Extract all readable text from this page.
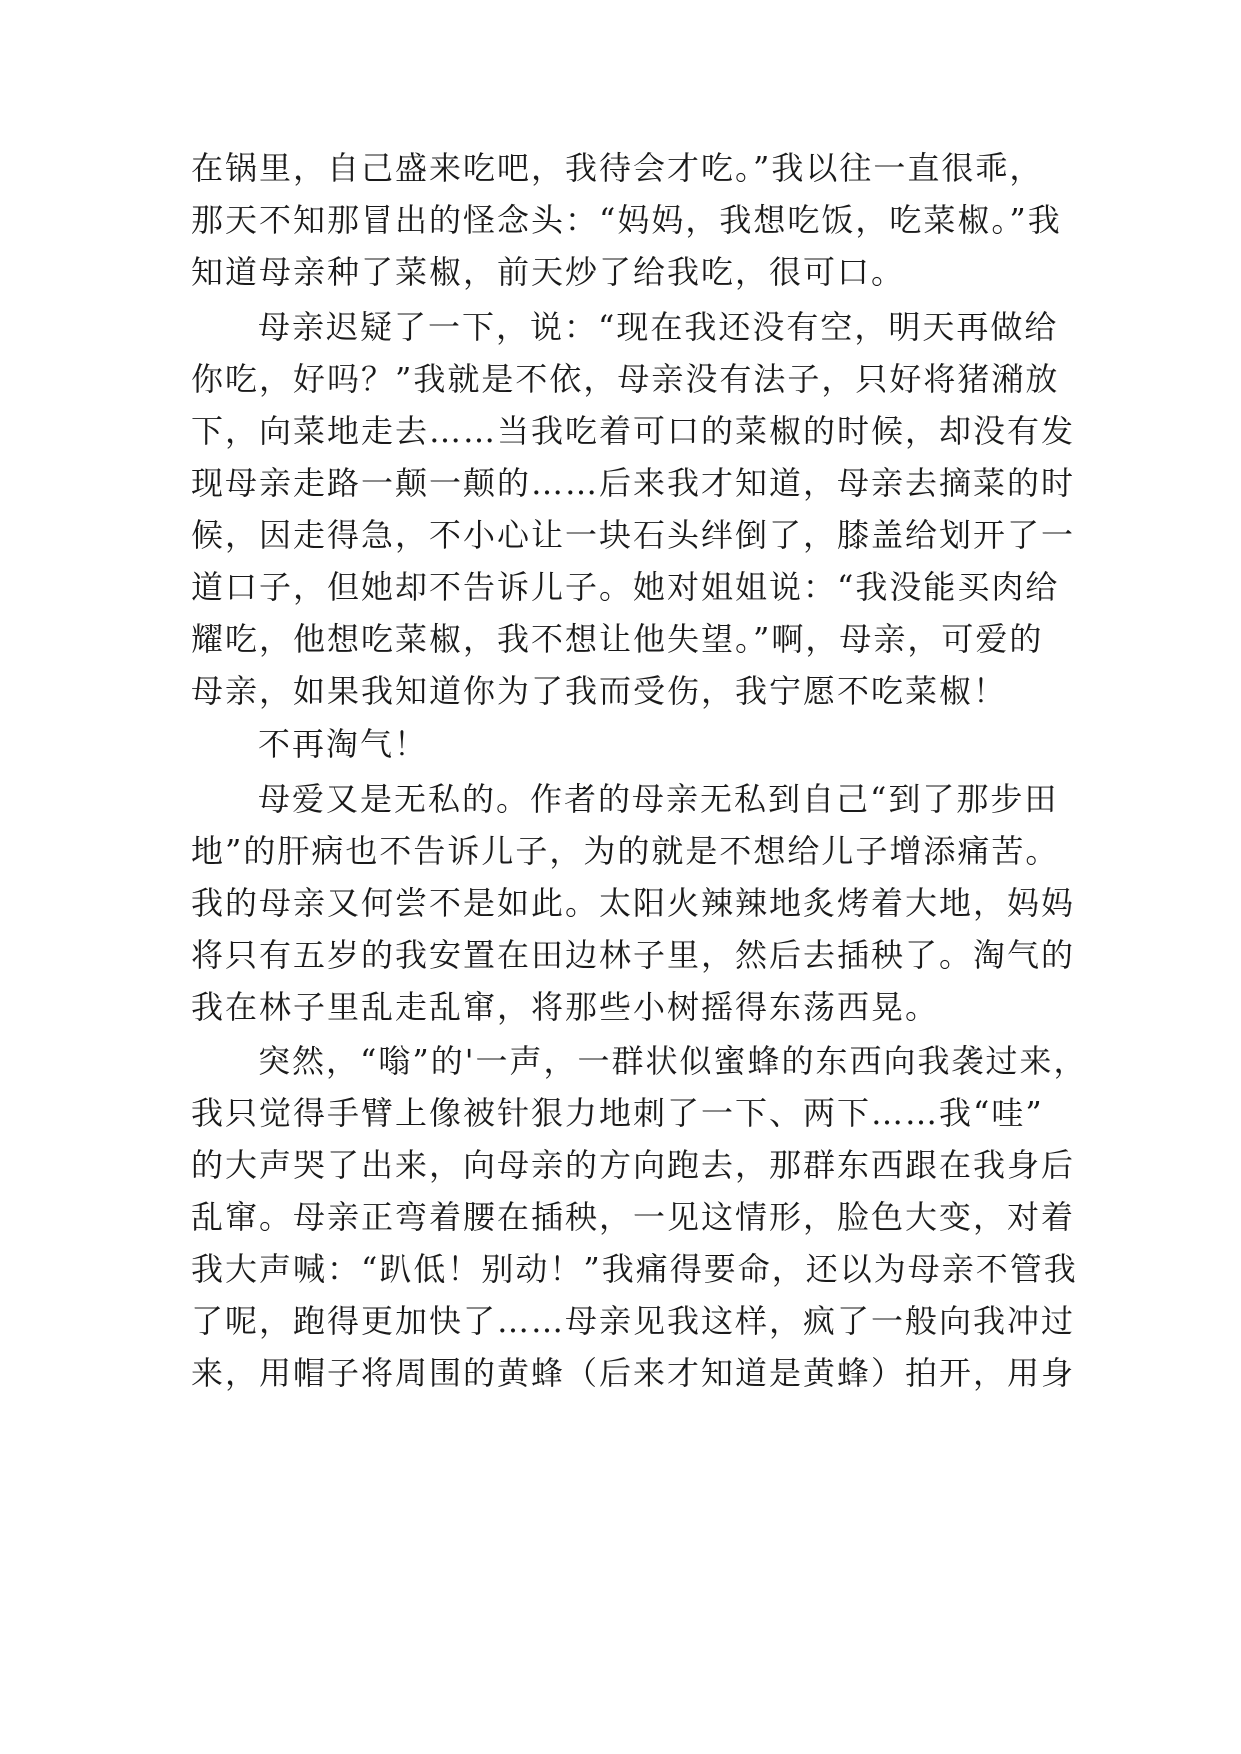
在锅里，自己盛来吃吧，我待会才吃。”我以往一直很乖，
那天不知那冒出的怪念头：“妈妈，我想吃饭，吃菜椒。”我
知道母亲种了菜椒，前天炒了给我吃，很可口。
母亲迟疑了一下，说：“现在我还没有空，明天再做给
你吃，好吗？”我就是不依，母亲没有法子，只好将猪潲放
下，向菜地走去……当我吃着可口的菜椒的时候，却没有发
现母亲走路一颠一颠的……后来我才知道，母亲去摘菜的时
候，因走得急，不小心让一块石头绊倒了，膝盖给划开了一
道口子，但她却不告诉儿子。她对姐姐说：“我没能买肉给
耀吃，他想吃菜椒，我不想让他失望。”啊，母亲，可爱的
母亲，如果我知道你为了我而受伤，我宁愿不吃菜椒！
不再淘气！
母爱又是无私的。作者的母亲无私到自己“到了那步田
地”的肝病也不告诉儿子，为的就是不想给儿子增添痛苦。
我的母亲又何尝不是如此。太阳火辣辣地炙烤着大地，妈妈
将只有五岁的我安置在田边林子里，然后去插秧了。淘气的
我在林子里乱走乱窜，将那些小树摇得东荡西晃。
突然，“嗡”的'一声，一群状似蜜蜂的东西向我袭过来，
我只觉得手臂上像被针狠力地刺了一下、两下……我“哇”
的大声哭了出来，向母亲的方向跑去，那群东西跟在我身后
乱窜。母亲正弯着腰在插秧，一见这情形，脸色大变，对着
我大声喊：“趴低！别动！”我痛得要命，还以为母亲不管我
了呢，跑得更加快了……母亲见我这样，疯了一般向我冲过
来，用帽子将周围的黄蜂（后来才知道是黄蜂）拍开，用身
